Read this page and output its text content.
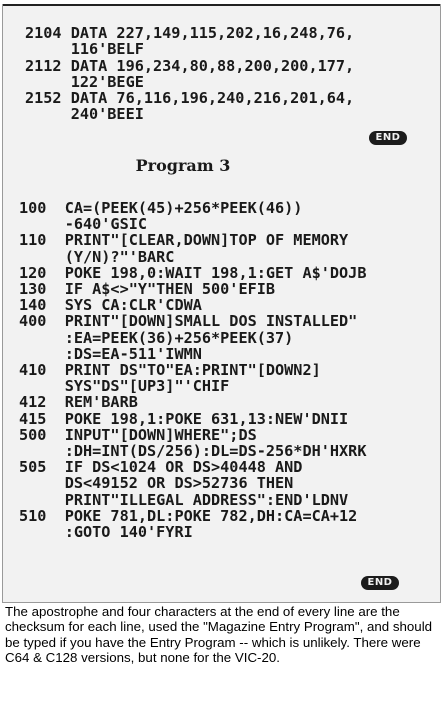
2104 DATA 227,149,115,202,16,248,76,
116'BELF
2112 DATA 196,234,80,88,200,200,177,
122'BEGE
2152 DATA 76,116,196,240,216,201,64,
240'BEEI

END
Program 3
100  CA=(PEEK(45)+256*PEEK(46))
-640'GSIC
110  PRINT"[CLEAR,DOWN]TOP OF MEMORY
(Y/N)?"'BARC
120  POKE 198,0:WAIT 198,1:GET A$'DOJB
130  IF A$<>"Y"THEN 500'EFIB
140  SYS CA:CLR'CDWA
400  PRINT"[DOWN]SMALL DOS INSTALLED"
:EA=PEEK(36)+256*PEEK(37)
:DS=EA-511'IWMN
410  PRINT DS"TO"EA:PRINT"[DOWN2]
SYS"DS"[UP3]"'CHIF
412  REM'BARB
415  POKE 198,1:POKE 631,13:NEW'DNII
500  INPUT"[DOWN]WHERE";DS
:DH=INT(DS/256):DL=DS-256*DH'HXRK
505  IF DS<1024 OR DS>40448 AND
DS<49152 OR DS>52736 THEN
PRINT"ILLEGAL ADDRESS":END'LDNV
510  POKE 781,DL:POKE 782,DH:CA=CA+12
:GOTO 140'FYRI

END

The apostrophe and four characters at the end of every line are the checksum for each line, used the "Magazine Entry Program", and should be typed if you have the Entry Program -- which is unlikely. There were C64 & C128 versions, but none for the VIC-20.
